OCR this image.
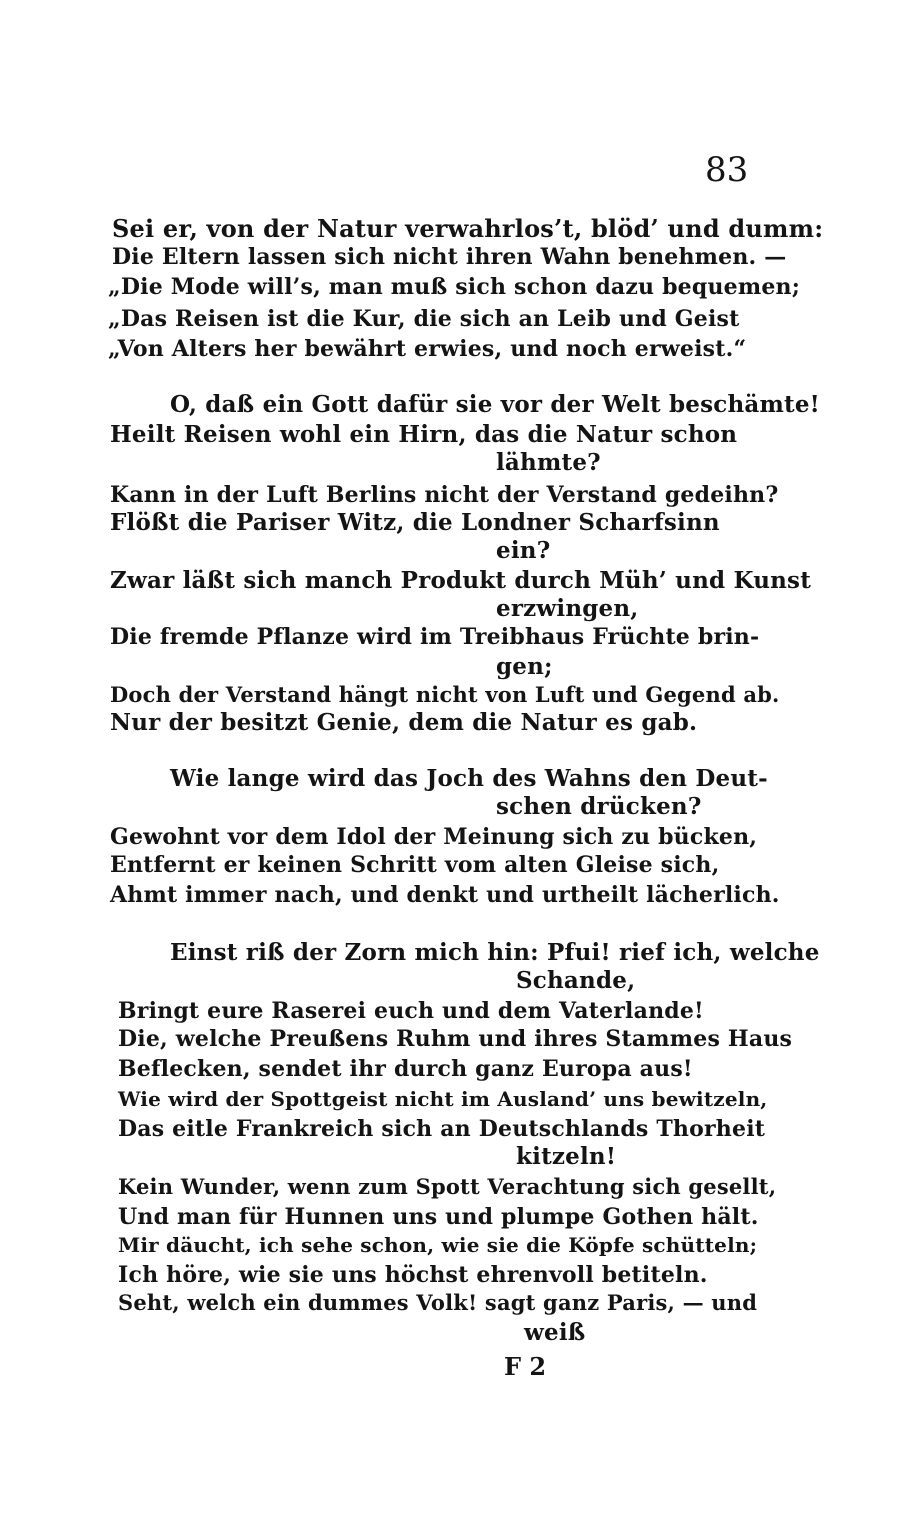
83
Sei er, von der Natur verwahrlos’t, blöd’ und dumm:
Die Eltern lassen sich nicht ihren Wahn benehmen. —
„Die Mode will’s, man muß sich schon dazu bequemen;
„Das Reisen ist die Kur, die sich an Leib und Geist
„Von Alters her bewährt erwies, und noch erweist.“
O, daß ein Gott dafür sie vor der Welt beschämte!
Heilt Reisen wohl ein Hirn, das die Natur schon
lähmte?
Kann in der Luft Berlins nicht der Verstand gedeihn?
Flößt die Pariser Witz, die Londner Scharfsinn
ein?
Zwar läßt sich manch Produkt durch Müh’ und Kunst
erzwingen,
Die fremde Pflanze wird im Treibhaus Früchte brin-
gen;
Doch der Verstand hängt nicht von Luft und Gegend ab.
Nur der besitzt Genie, dem die Natur es gab.
Wie lange wird das Joch des Wahns den Deut-
schen drücken?
Gewohnt vor dem Idol der Meinung sich zu bücken,
Entfernt er keinen Schritt vom alten Gleise sich,
Ahmt immer nach, und denkt und urtheilt lächerlich.
Einst riß der Zorn mich hin: Pfui! rief ich, welche
Schande,
Bringt eure Raserei euch und dem Vaterlande!
Die, welche Preußens Ruhm und ihres Stammes Haus
Beflecken, sendet ihr durch ganz Europa aus!
Wie wird der Spottgeist nicht im Ausland’ uns bewitzeln,
Das eitle Frankreich sich an Deutschlands Thorheit
kitzeln!
Kein Wunder, wenn zum Spott Verachtung sich gesellt,
Und man für Hunnen uns und plumpe Gothen hält.
Mir däucht, ich sehe schon, wie sie die Köpfe schütteln;
Ich höre, wie sie uns höchst ehrenvoll betiteln.
Seht, welch ein dummes Volk! sagt ganz Paris, — und
weiß
F 2
